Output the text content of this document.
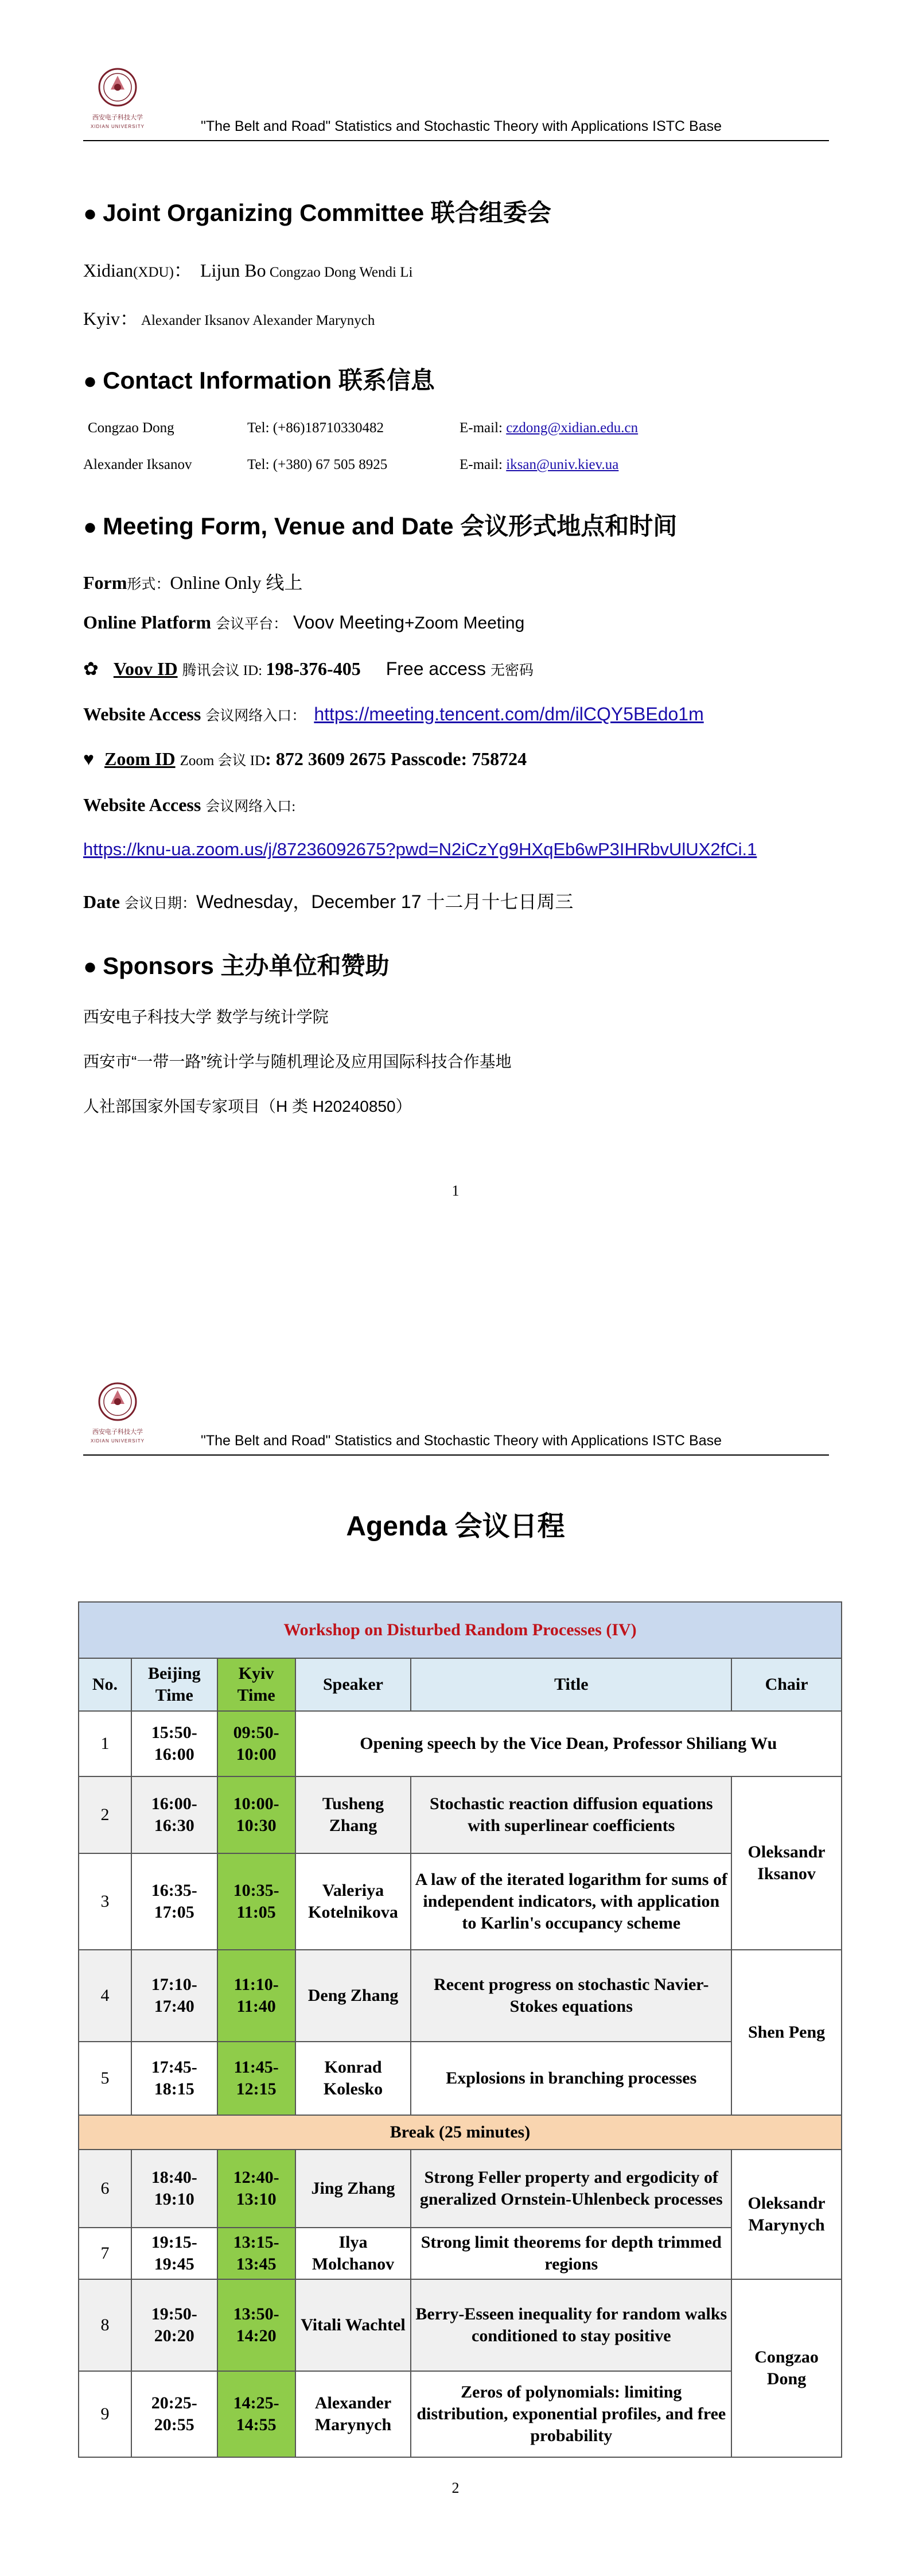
西安电子科技大学
XIDIAN UNIVERSITY	"The Belt and Road" Statistics and Stochastic Theory with Applications ISTC Base
● Joint Organizing Committee 联合组委会
Xidian(XDU)： Lijun Bo Congzao Dong Wendi Li
Kyiv： Alexander Iksanov Alexander Marynych
● Contact Information 联系信息
Congzao Dong	Tel: (+86)18710330482	E-mail: czdong@xidian.edu.cn
Alexander Iksanov	Tel: (+380) 67 505 8925	E-mail: iksan@univ.kiev.ua
● Meeting Form, Venue and Date 会议形式地点和时间
Form形式：Online Only 线上
Online Platform 会议平台： Voov Meeting+Zoom Meeting
✿ Voov ID 腾讯会议 ID: 198-376-405 Free access 无密码
Website Access 会议网络入口： https://meeting.tencent.com/dm/ilCQY5BEdo1m
♥ Zoom ID Zoom 会议 ID: 872 3609 2675 Passcode: 758724
Website Access 会议网络入口:
https://knu-ua.zoom.us/j/87236092675?pwd=N2iCzYg9HXqEb6wP3IHRbvUlUX2fCi.1
Date 会议日期：Wednesday，December 17 十二月十七日周三
● Sponsors 主办单位和赞助
西安电子科技大学 数学与统计学院
西安市“一带一路”统计学与随机理论及应用国际科技合作基地
人社部国家外国专家项目（H 类 H20240850）
1
西安电子科技大学
XIDIAN UNIVERSITY	"The Belt and Road" Statistics and Stochastic Theory with Applications ISTC Base
Agenda 会议日程
Workshop on Disturbed Random Processes (IV)					
No.	Beijing Time	Kyiv Time	Speaker	Title	Chair
1	15:50-16:00	09:50-10:00	Opening speech by the Vice Dean, Professor Shiliang Wu		
2	16:00-16:30	10:00-10:30	Tusheng Zhang	Stochastic reaction diffusion equations with superlinear coefficients	Oleksandr Iksanov
3	16:35-17:05	10:35-11:05	Valeriya Kotelnikova	A law of the iterated logarithm for sums of independent indicators, with application to Karlin's occupancy scheme	
4	17:10-17:40	11:10-11:40	Deng Zhang	Recent progress on stochastic Navier-Stokes equations	Shen Peng
5	17:45-18:15	11:45-12:15	Konrad Kolesko	Explosions in branching processes	
Break (25 minutes)					
6	18:40-19:10	12:40-13:10	Jing Zhang	Strong Feller property and ergodicity of gneralized Ornstein-Uhlenbeck processes	Oleksandr Marynych
7	19:15-19:45	13:15-13:45	Ilya Molchanov	Strong limit theorems for depth trimmed regions	
8	19:50-20:20	13:50-14:20	Vitali Wachtel	Berry-Esseen inequality for random walks conditioned to stay positive	Congzao Dong
9	20:25-20:55	14:25-14:55	Alexander Marynych	Zeros of polynomials: limiting distribution, exponential profiles, and free probability	
2
